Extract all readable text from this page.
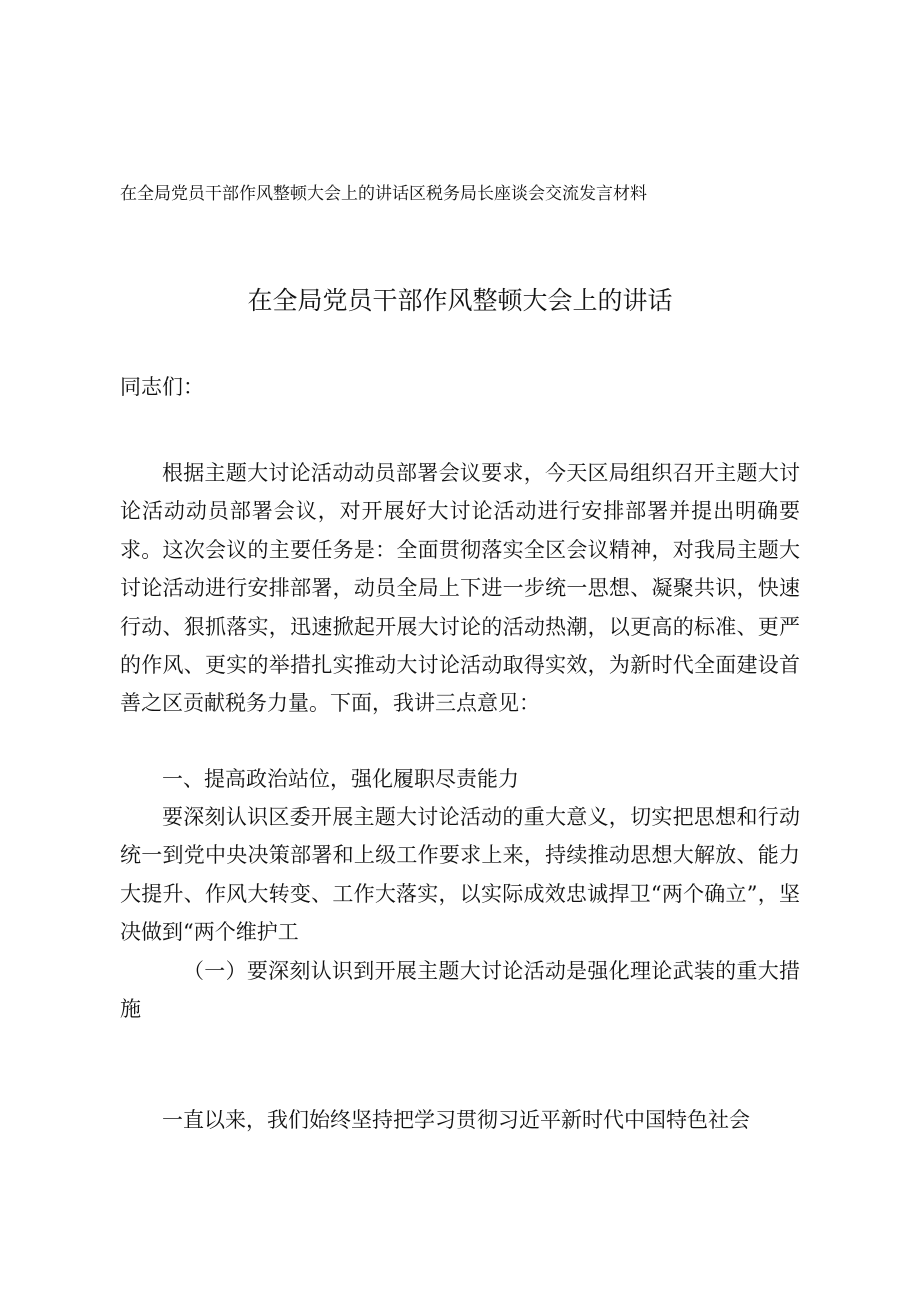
在全局党员干部作风整顿大会上的讲话区税务局长座谈会交流发言材料
在全局党员干部作风整顿大会上的讲话
同志们：

根据主题大讨论活动动员部署会议要求，今天区局组织召开主题大讨论活动动员部署会议，对开展好大讨论活动进行安排部署并提出明确要求。这次会议的主要任务是：全面贯彻落实全区会议精神，对我局主题大讨论活动进行安排部署，动员全局上下进一步统一思想、凝聚共识，快速行动、狠抓落实，迅速掀起开展大讨论的活动热潮，以更高的标准、更严的作风、更实的举措扎实推动大讨论活动取得实效，为新时代全面建设首善之区贡献税务力量。下面，我讲三点意见：

一、提高政治站位，强化履职尽责能力

要深刻认识区委开展主题大讨论活动的重大意义，切实把思想和行动统一到党中央决策部署和上级工作要求上来，持续推动思想大解放、能力大提升、作风大转变、工作大落实，以实际成效忠诚捍卫“两个确立”，坚决做到“两个维护工

（一）要深刻认识到开展主题大讨论活动是强化理论武装的重大措施

一直以来，我们始终坚持把学习贯彻习近平新时代中国特色社会
